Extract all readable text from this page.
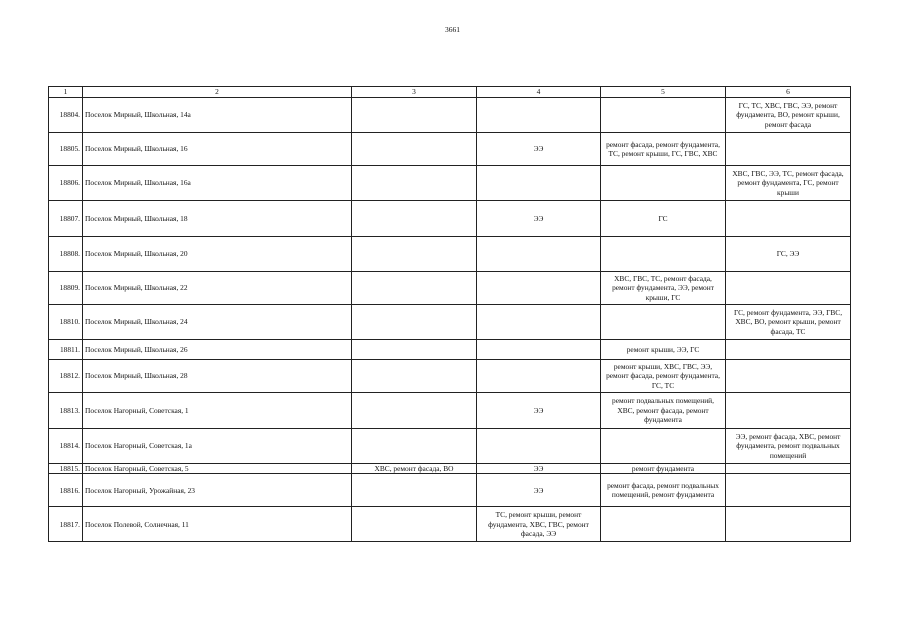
3661
1	2	3	4	5	6
18804.	Поселок Мирный, Школьная, 14а				ГС, ТС, ХВС, ГВС, ЭЭ, ремонт фундамента, ВО, ремонт крыши, ремонт фасада
18805.	Поселок Мирный, Школьная, 16		ЭЭ	ремонт фасада, ремонт фундамента, ТС, ремонт крыши, ГС, ГВС, ХВС	
18806.	Поселок Мирный, Школьная, 16а				ХВС, ГВС, ЭЭ, ТС, ремонт фасада, ремонт фундамента, ГС, ремонт крыши
18807.	Поселок Мирный, Школьная, 18		ЭЭ	ГС	
18808.	Поселок Мирный, Школьная, 20				ГС, ЭЭ
18809.	Поселок Мирный, Школьная, 22			ХВС, ГВС, ТС, ремонт фасада, ремонт фундамента, ЭЭ, ремонт крыши, ГС	
18810.	Поселок Мирный, Школьная, 24				ГС, ремонт фундамента, ЭЭ, ГВС, ХВС, ВО, ремонт крыши, ремонт фасада, ТС
18811.	Поселок Мирный, Школьная, 26			ремонт крыши, ЭЭ, ГС	
18812.	Поселок Мирный, Школьная, 28			ремонт крыши, ХВС, ГВС, ЭЭ, ремонт фасада, ремонт фундамента, ГС, ТС	
18813.	Поселок Нагорный, Советская, 1		ЭЭ	ремонт подвальных помещений, ХВС, ремонт фасада, ремонт фундамента	
18814.	Поселок Нагорный, Советская, 1а				ЭЭ, ремонт фасада, ХВС, ремонт фундамента, ремонт подвальных помещений
18815.	Поселок Нагорный, Советская, 5	ХВС, ремонт фасада, ВО	ЭЭ	ремонт фундамента	
18816.	Поселок Нагорный, Урожайная, 23		ЭЭ	ремонт фасада, ремонт подвальных помещений, ремонт фундамента	
18817.	Поселок Полевой, Солнечная, 11		ТС, ремонт крыши, ремонт фундамента, ХВС, ГВС, ремонт фасада, ЭЭ		
